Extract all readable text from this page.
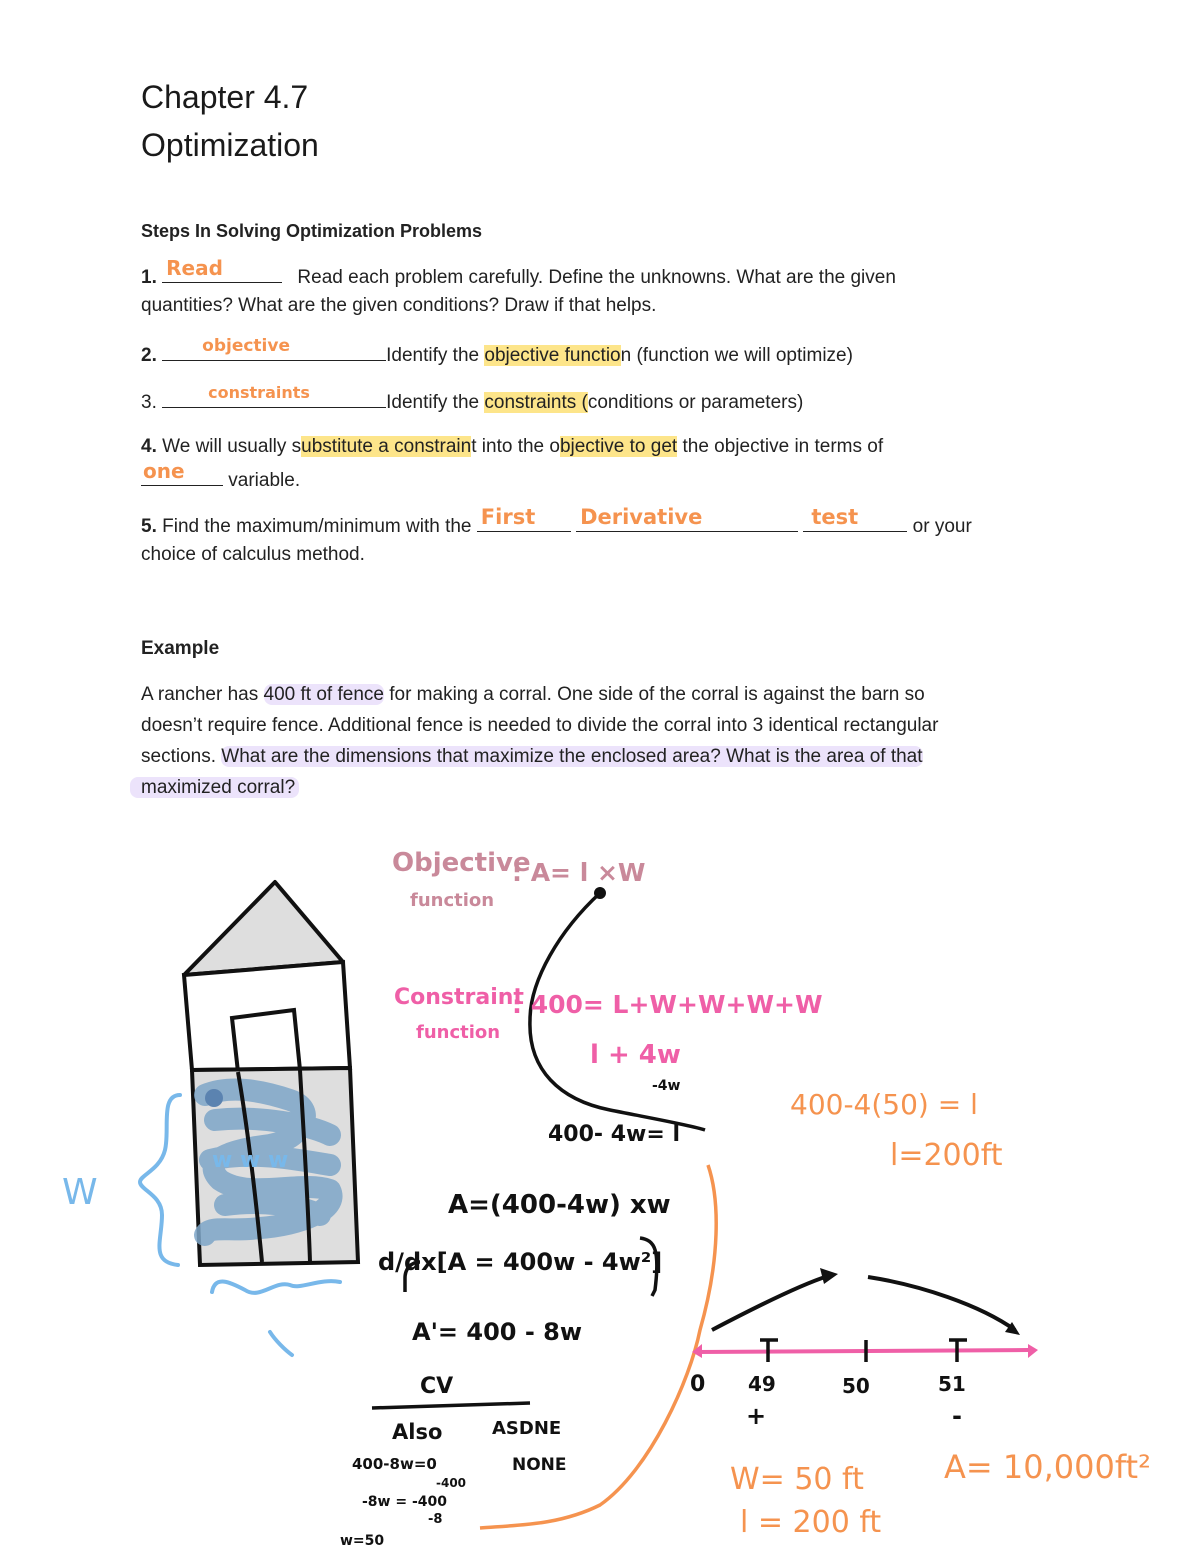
Chapter 4.7
Optimization
Steps In Solving Optimization Problems
1. Read	Read each problem carefully. Define the unknowns. What are the given
quantities? What are the given conditions? Draw if that helps.
2.	objective	Identify the objective function (function we will optimize)
3.	constraints	Identify the constraints (conditions or parameters)
4. We will usually substitute a constraint into the objective to get the objective in terms of
one variable.
5. Find the maximum/minimum with the First
Derivative
	test	or your
choice of calculus method.
Example
A rancher has 400 ft of fence for making a corral. One side of the corral is against the barn so
doesn’t require fence. Additional fence is needed to divide the corral into 3 identical rectangular
sections. What are the dimensions that maximize the enclosed area? What is the area of that
maximized corral?
Objective
function
: A= l ×W
Constraint
function
: 400= L+W+W+W+W
l + 4w
-4w
400- 4w= l
W
w w w
A=(400-4w) xw
d/dx[A = 400w - 4w²]
A'= 400 - 8w
CV
Also	ASDNE
400-8w=0	NONE
-400
-8w = -400
-8
w=50
400-4(50) = l
l=200ft
0 49	50	51
+	-
W= 50 ft
l = 200 ft
A= 10,000ft²
